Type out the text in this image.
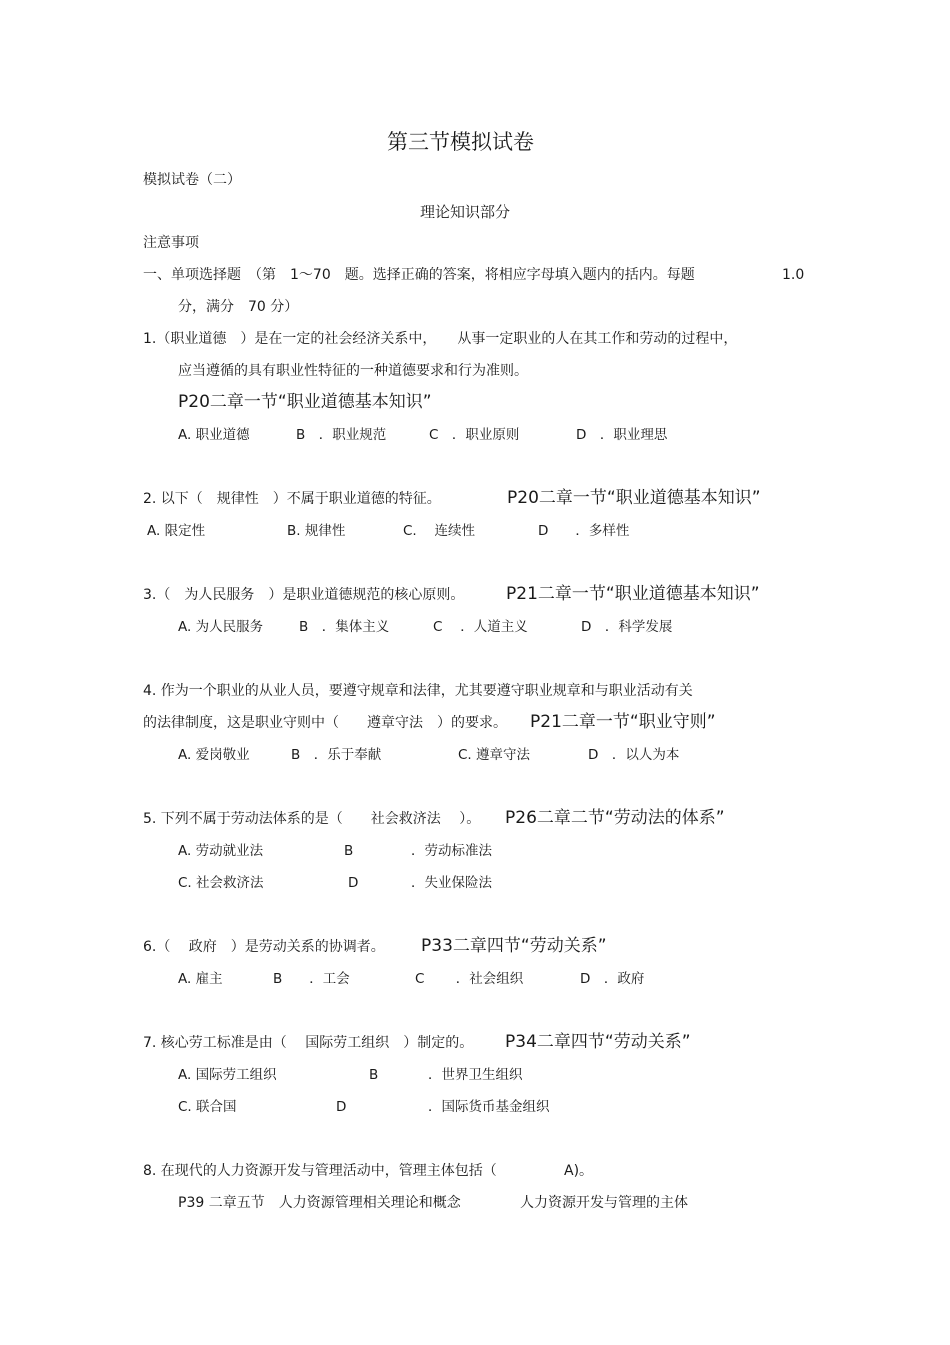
第三节模拟试卷
模拟试卷（二）
理论知识部分
注意事项
一、单项选择题　（第　1～70　题。选择正确的答案，将相应字母填入题内的括内。每题	1.0
分，满分　70 分）
1.（职业道德　）是在一定的社会经济关系中，　　从事一定职业的人在其工作和劳动的过程中，
应当遵循的具有职业性特征的一种道德要求和行为准则。
P20二章一节“职业道德基本知识”
A. 职业道德	B　．职业规范	C　．职业原则	D　．职业理思
2. 以下（　规律性　）不属于职业道德的特征。	P20二章一节“职业道德基本知识”
A. 限定性	B. 规律性	C.　 连续性	D　　．多样性
3.（　为人民服务　）是职业道德规范的核心原则。 P21二章一节“职业道德基本知识”
A. 为人民服务	B　．集体主义	C　 ．人道主义	D　．科学发展
4. 作为一个职业的从业人员，要遵守规章和法律，尤其要遵守职业规章和与职业活动有关
的法律制度，这是职业守则中（　　遵章守法　）的要求。 P21二章一节“职业守则”
A. 爱岗敬业	B　．乐于奉献	C. 遵章守法	D　．以人为本
5. 下列不属于劳动法体系的是（　　社会救济法　 ）。 P26二章二节“劳动法的体系”
A. 劳动就业法	B	．劳动标准法
C. 社会救济法	D	．失业保险法
6.（　 政府　）是劳动关系的协调者。 P33二章四节“劳动关系”
A. 雇主	B　　．工会	C　　 ．社会组织	D　．政府
7. 核心劳工标准是由（　 国际劳工组织　）制定的。 P34二章四节“劳动关系”
A. 国际劳工组织	B	．世界卫生组织
C. 联合国	D	．国际货币基金组织
8. 在现代的人力资源开发与管理活动中，管理主体包括（	A)。
P39 二章五节　人力资源管理相关理论和概念	人力资源开发与管理的主体
